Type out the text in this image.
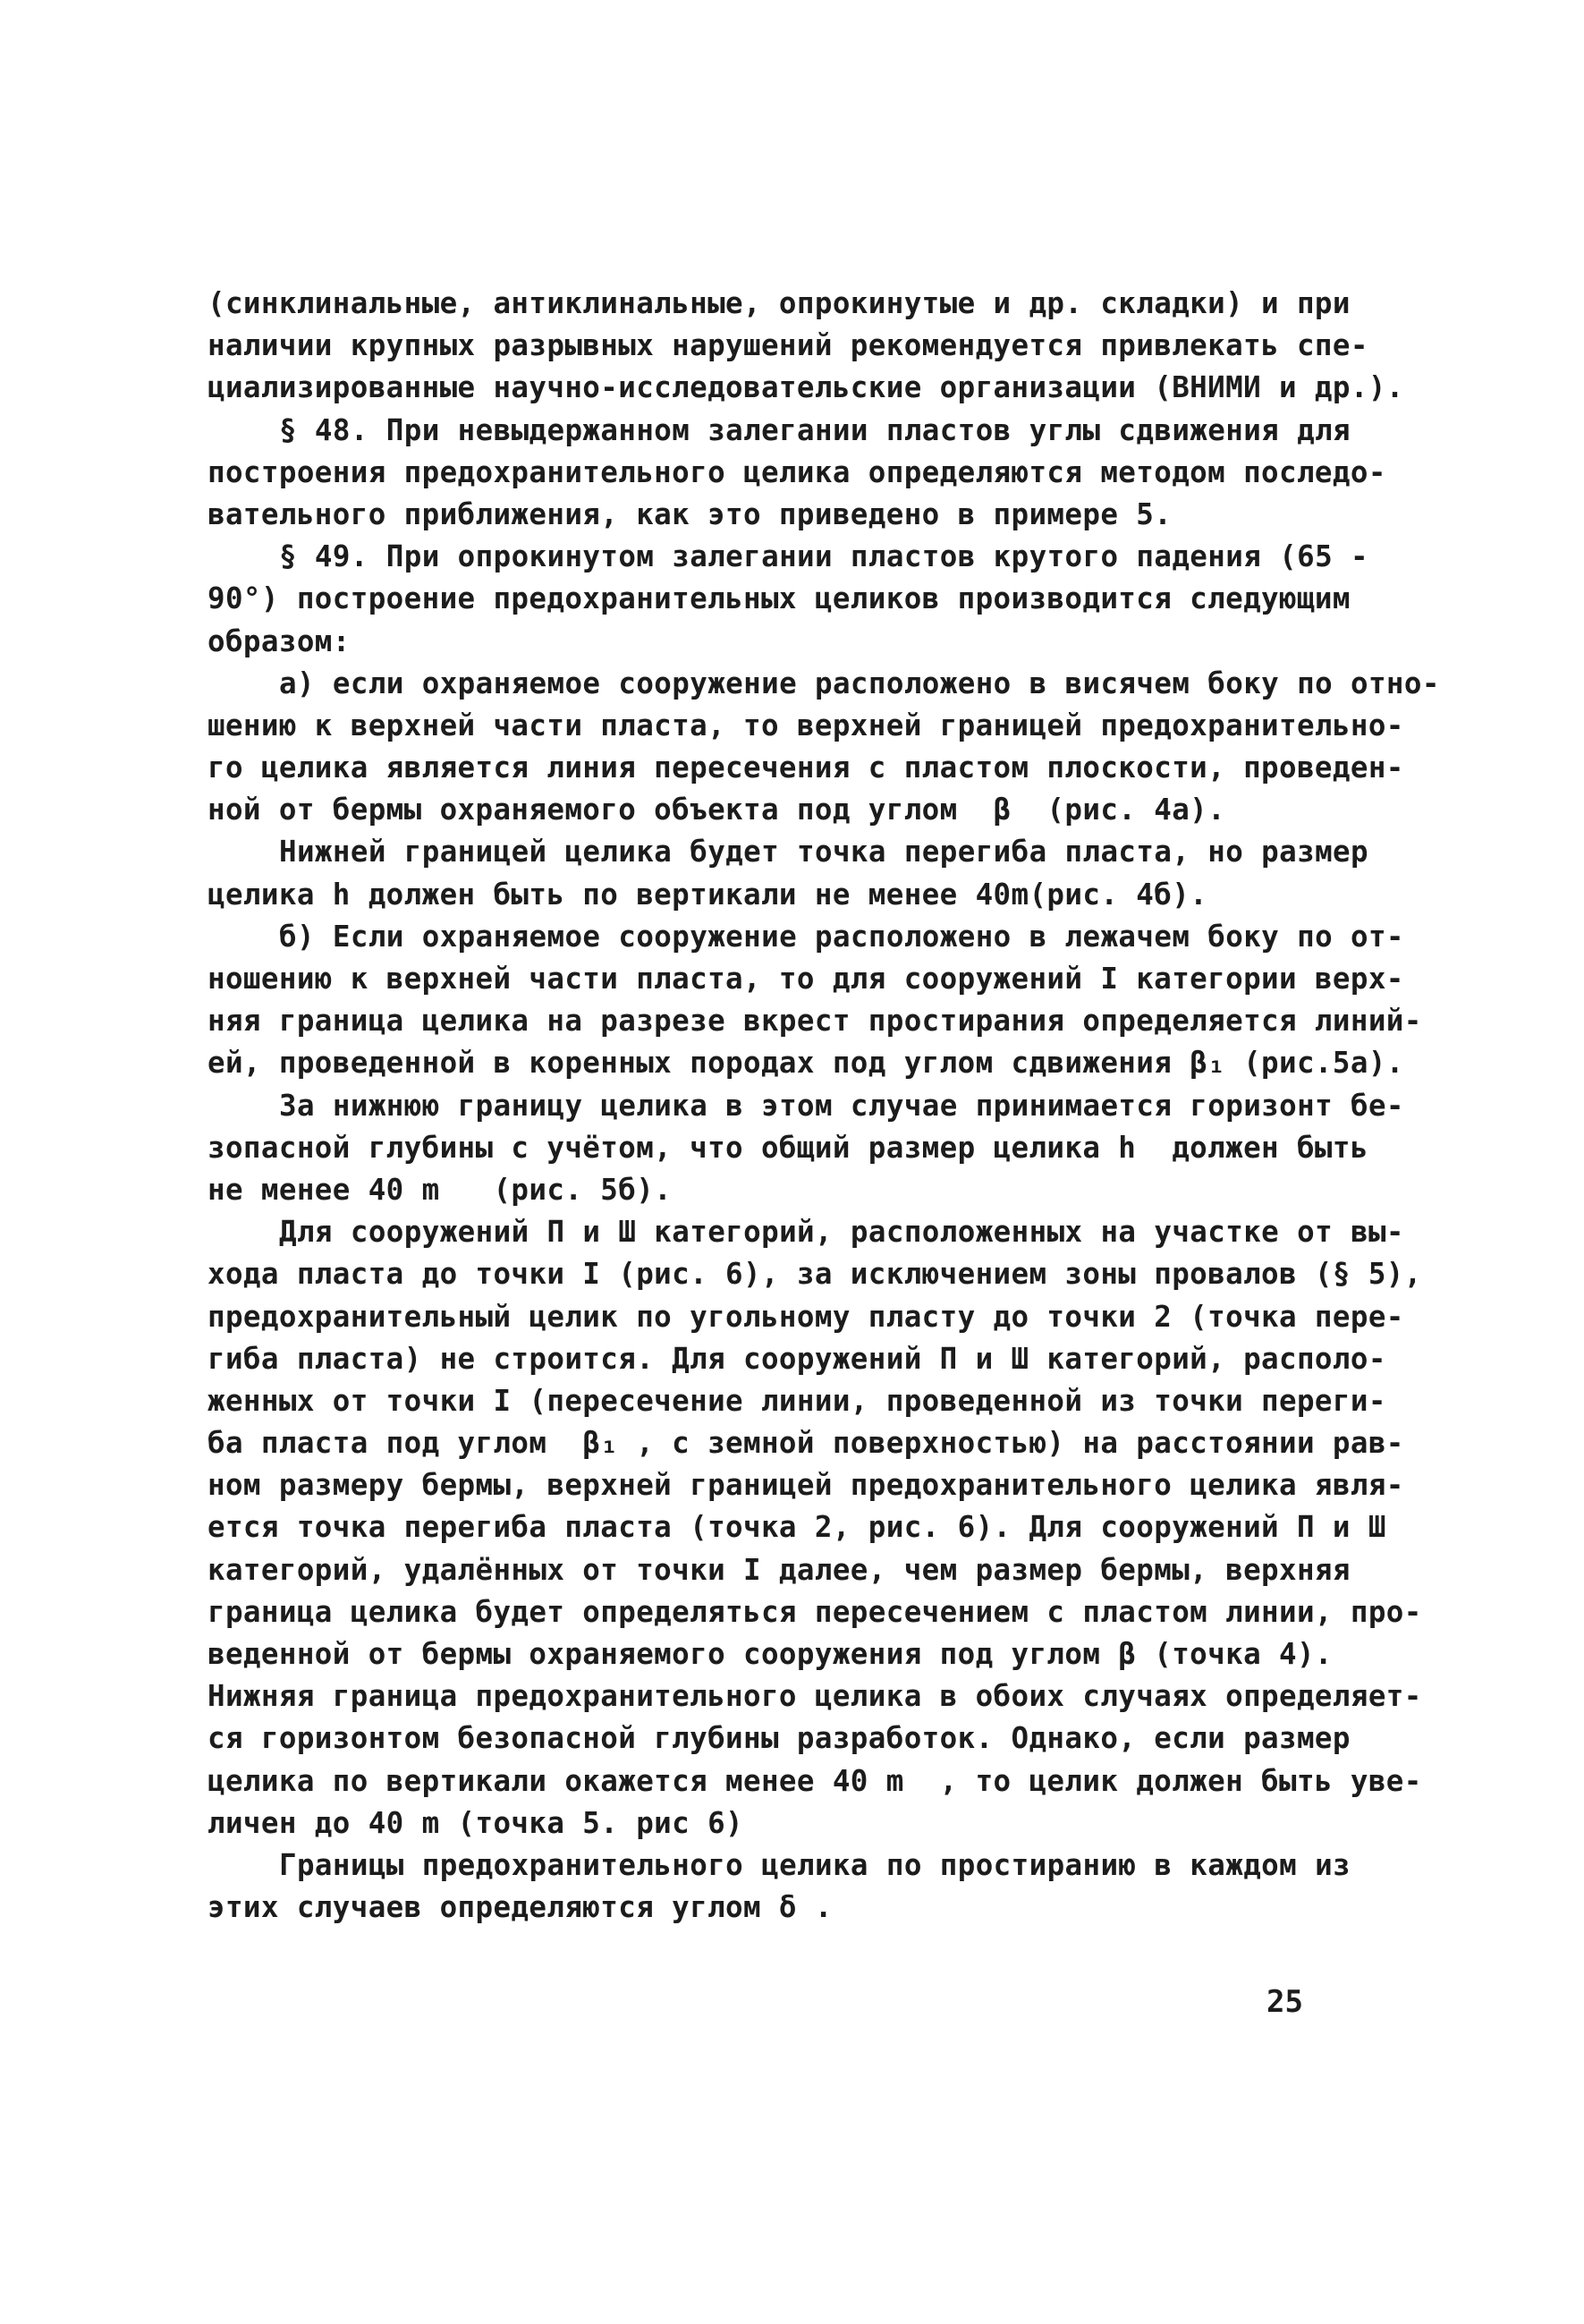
(синклинальные, антиклинальные, опрокинутые и др. складки) и при
наличии крупных разрывных нарушений рекомендуется привлекать спе-
циализированные научно-исследовательские организации (ВНИМИ и др.).
§ 48. При невыдержанном залегании пластов углы сдвижения для
построения предохранительного целика определяются методом последо-
вательного приближения, как это приведено в примере 5.
§ 49. При опрокинутом залегании пластов крутого падения (65 -
90°) построение предохранительных целиков производится следующим
образом:
а) если охраняемое сооружение расположено в висячем боку по отно-
шению к верхней части пласта, то верхней границей предохранительно-
го целика является линия пересечения с пластом плоскости, проведен-
ной от бермы охраняемого объекта под углом  β  (рис. 4а).
Нижней границей целика будет точка перегиба пласта, но размер
целика h должен быть по вертикали не менее 40m(рис. 4б).
б) Если охраняемое сооружение расположено в лежачем боку по от-
ношению к верхней части пласта, то для сооружений I категории верх-
няя граница целика на разрезе вкрест простирания определяется линий-
ей, проведенной в коренных породах под углом сдвижения β₁ (рис.5а).
За нижнюю границу целика в этом случае принимается горизонт бе-
зопасной глубины с учётом, что общий размер целика h  должен быть
не менее 40 m   (рис. 5б).
Для сооружений П и Ш категорий, расположенных на участке от вы-
хода пласта до точки I (рис. 6), за исключением зоны провалов (§ 5),
предохранительный целик по угольному пласту до точки 2 (точка пере-
гиба пласта) не строится. Для сооружений П и Ш категорий, располо-
женных от точки I (пересечение линии, проведенной из точки переги-
ба пласта под углом  β₁ , с земной поверхностью) на расстоянии рав-
ном размеру бермы, верхней границей предохранительного целика явля-
ется точка перегиба пласта (точка 2, рис. 6). Для сооружений П и Ш
категорий, удалённых от точки I далее, чем размер бермы, верхняя
граница целика будет определяться пересечением с пластом линии, про-
веденной от бермы охраняемого сооружения под углом β (точка 4).
Нижняя граница предохранительного целика в обоих случаях определяет-
ся горизонтом безопасной глубины разработок. Однако, если размер
целика по вертикали окажется менее 40 m  , то целик должен быть уве-
личен до 40 m (точка 5. рис 6)
Границы предохранительного целика по простиранию в каждом из
этих случаев определяются углом δ .
25
